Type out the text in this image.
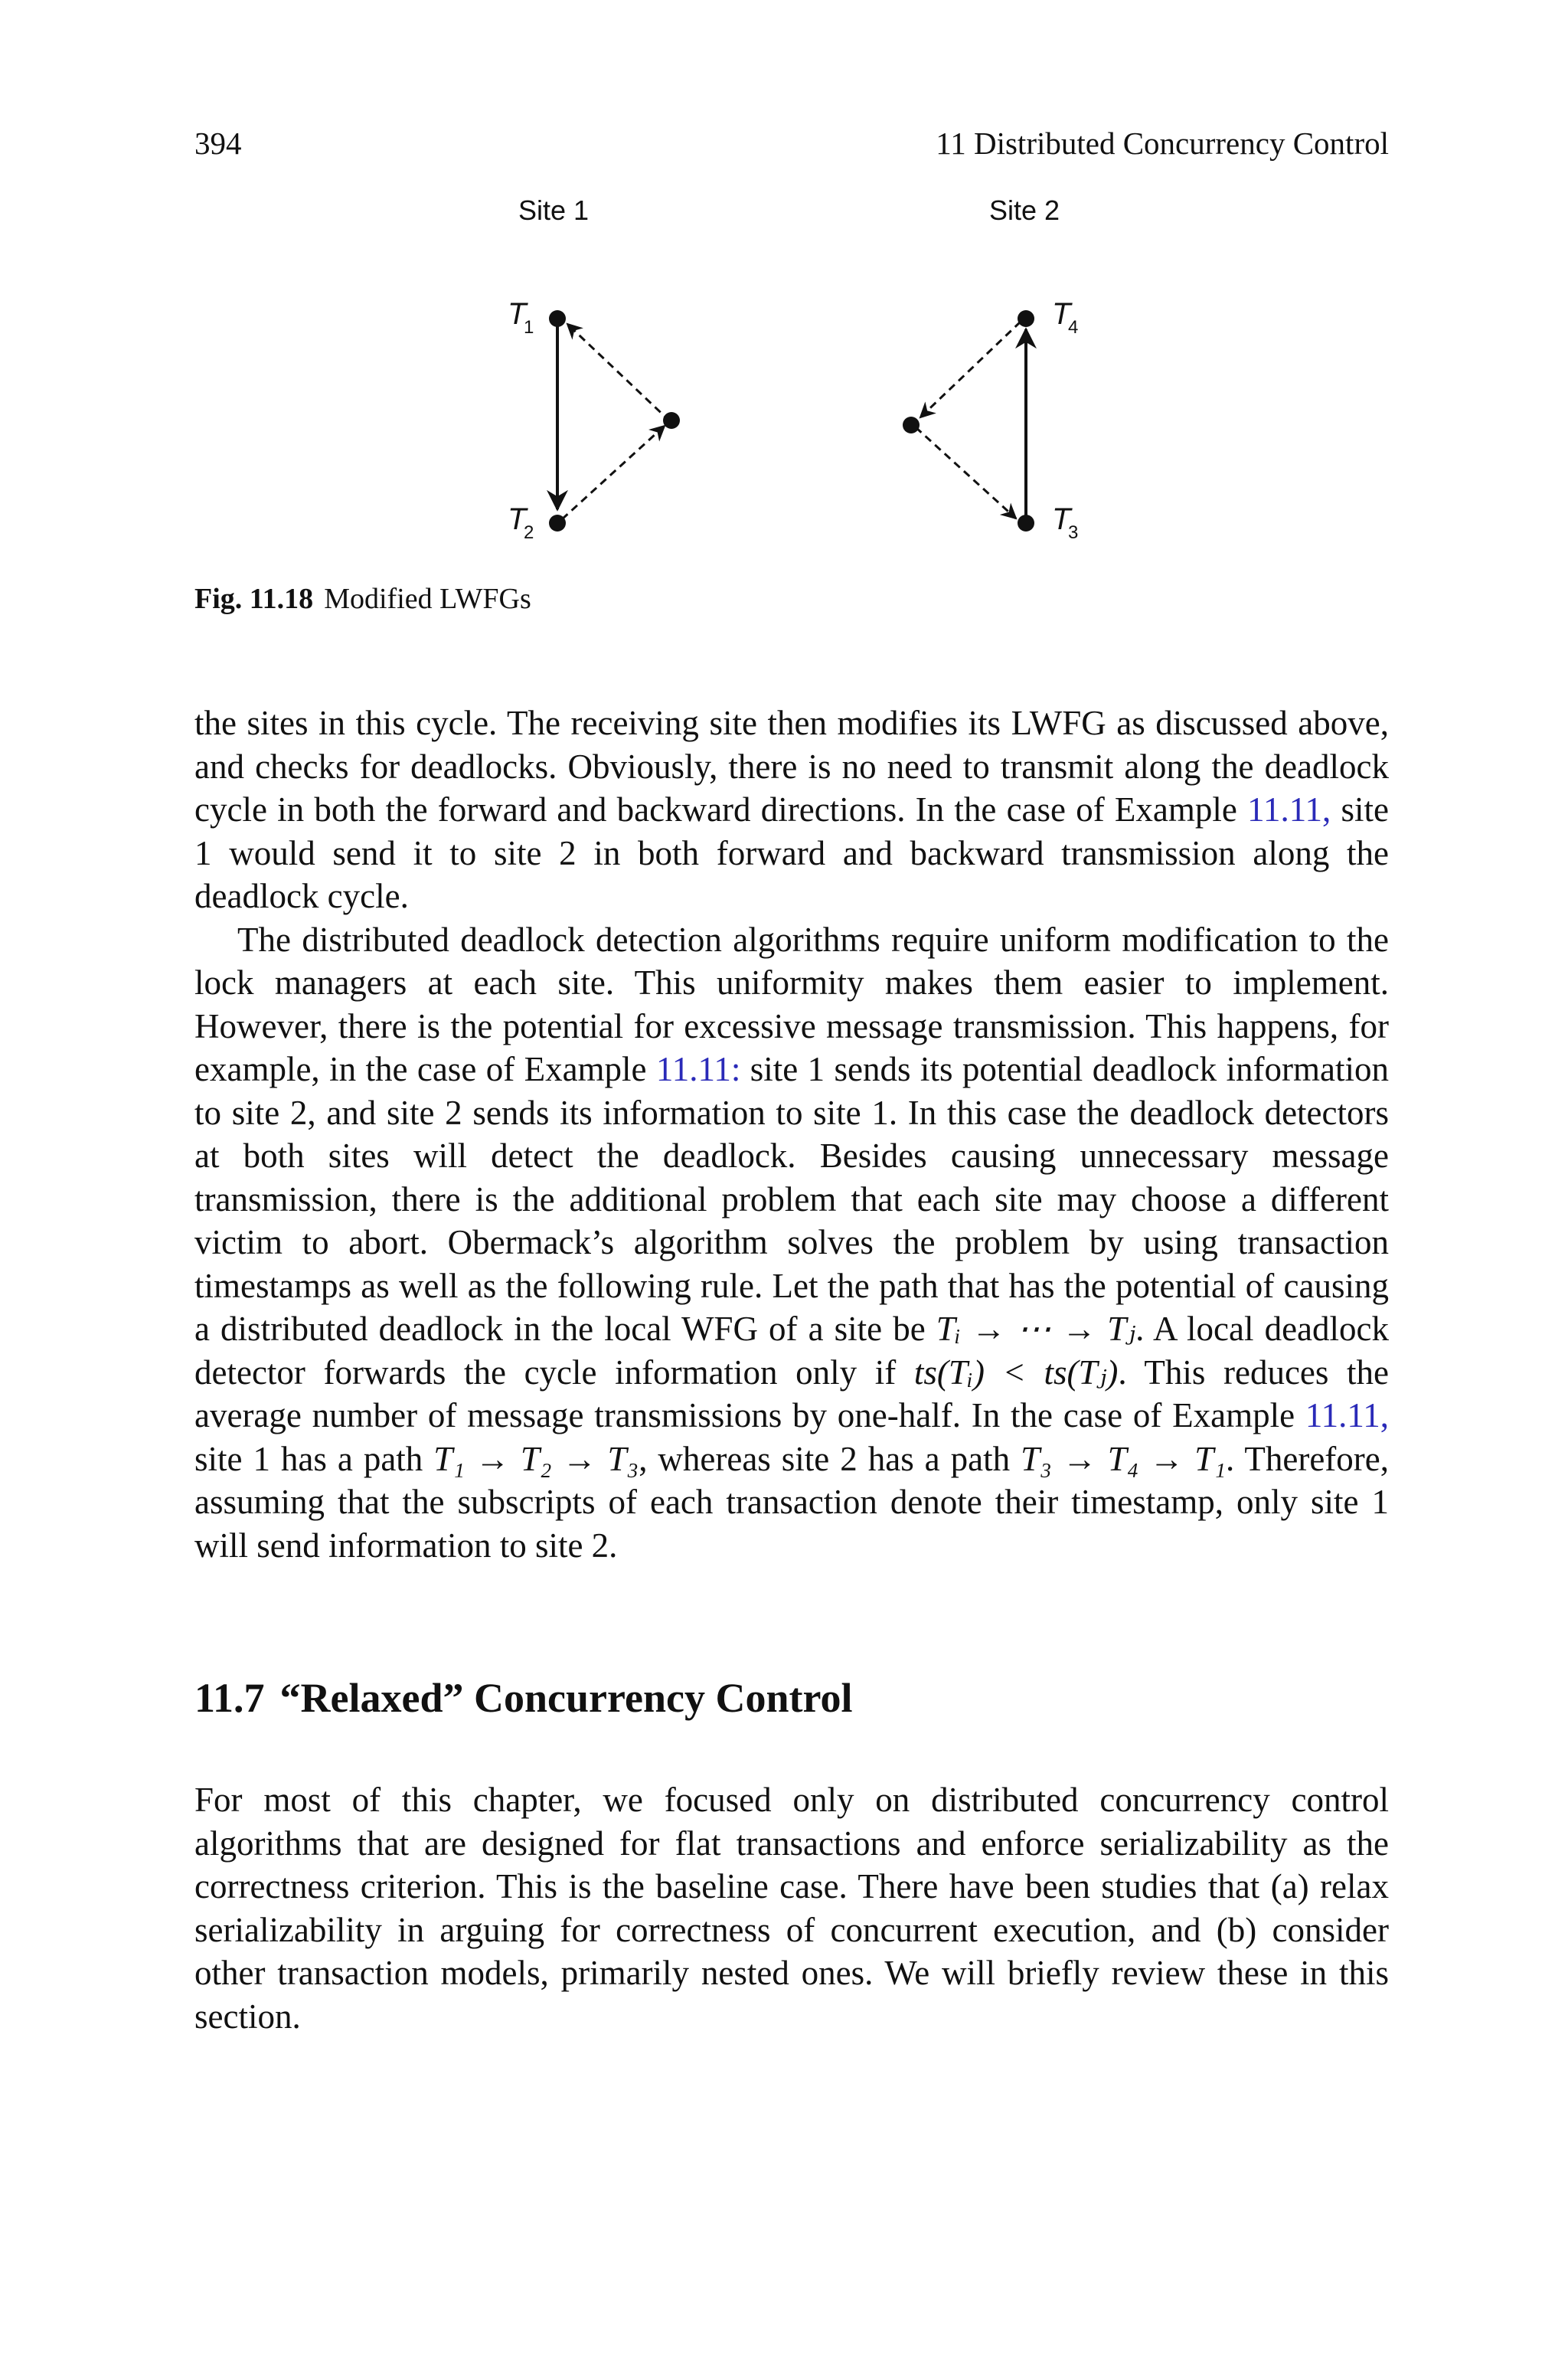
394	11 Distributed Concurrency Control
Site 1	Site 2
T
1
T
2
T
4
T
3
Fig. 11.18 Modified LWFGs

the sites in this cycle. The receiving site then modifies its LWFG as discussed above, and checks for deadlocks. Obviously, there is no need to transmit along the deadlock cycle in both the forward and backward directions. In the case of Example 11.11, site 1 would send it to site 2 in both forward and backward transmission along the deadlock cycle.

The distributed deadlock detection algorithms require uniform modification to the lock managers at each site. This uniformity makes them easier to implement. However, there is the potential for excessive message transmission. This happens, for example, in the case of Example 11.11: site 1 sends its potential deadlock information to site 2, and site 2 sends its information to site 1. In this case the deadlock detectors at both sites will detect the deadlock. Besides causing unnecessary message transmission, there is the additional problem that each site may choose a different victim to abort. Obermack’s algorithm solves the problem by using transaction timestamps as well as the following rule. Let the path that has the potential of causing a distributed deadlock in the local WFG of a site be Tᵢ → ⋯ → Tⱼ. A local deadlock detector forwards the cycle information only if ts(Tᵢ) < ts(Tⱼ). This reduces the average number of message transmissions by one-half. In the case of Example 11.11, site 1 has a path T₁ → T₂ → T₃, whereas site 2 has a path T₃ → T₄ → T₁. Therefore, assuming that the subscripts of each transaction denote their timestamp, only site 1 will send information to site 2.

11.7 “Relaxed” Concurrency Control

For most of this chapter, we focused only on distributed concurrency control algorithms that are designed for flat transactions and enforce serializability as the correctness criterion. This is the baseline case. There have been studies that (a) relax serializability in arguing for correctness of concurrent execution, and (b) consider other transaction models, primarily nested ones. We will briefly review these in this section.
